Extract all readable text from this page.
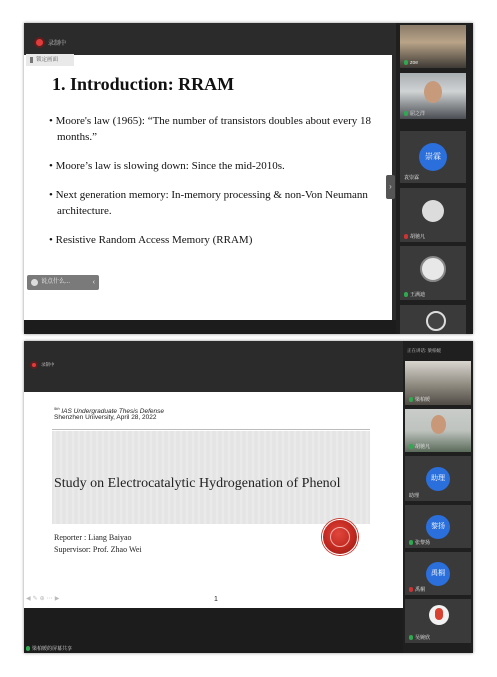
录制中
1. Introduction: RRAM
• Moore's law (1965): “The number of transistors doubles about every 18 months.”
• Moore’s law is slowing down: Since the mid-2010s.
• Next generation memory: In-memory processing & non-Von Neumann architecture.
• Resistive Random Access Memory (RRAM)
锁定画面
说点什么...	‹
›
zoe
屈之洋
崇霖
袁崇霖
胡驰凡
王满迪
录制中
$^{5th}$ IAS Undergraduate Thesis Defense
Shenzhen University, April 28, 2022
Study on Electrocatalytic Hydrogenation of Phenol
Reporter : Liang Baiyao
Supervisor: Prof. Zhao Wei
◀✎⊕⋯▶	1
正在讲话: 梁柏媛
梁柏媛
胡驰凡
助理
助理
黎扬
张黎扬
禹桐
禹桐
吴婉欣
梁柏媛的屏幕共享
